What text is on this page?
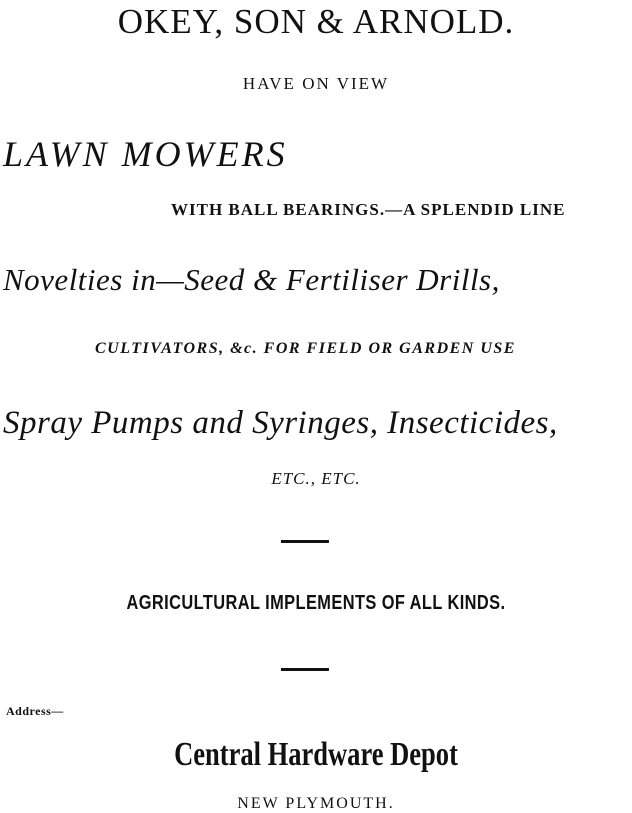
OKEY, SON & ARNOLD.
HAVE ON VIEW
LAWN MOWERS
WITH BALL BEARINGS.—A SPLENDID LINE
Novelties in—Seed & Fertiliser Drills,
CULTIVATORS, &c. FOR FIELD OR GARDEN USE
Spray Pumps and Syringes, Insecticides,
ETC., ETC.
AGRICULTURAL IMPLEMENTS OF ALL KINDS.
Address—
Central Hardware Depot
NEW PLYMOUTH.
